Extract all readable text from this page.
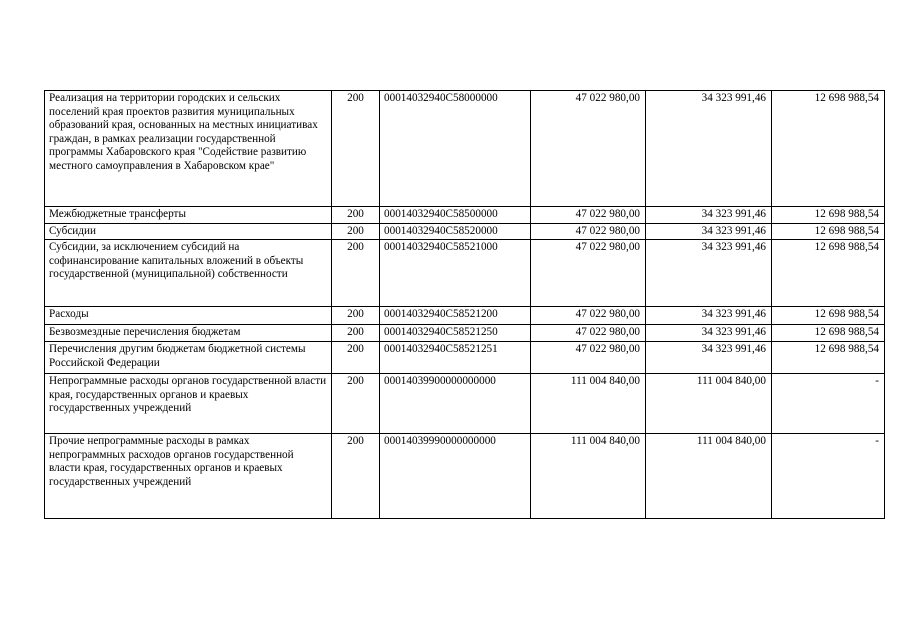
Реализация на территории городских и сельских поселений края проектов развития муниципальных образований края, основанных на местных инициативах граждан, в рамках реализации государственной программы Хабаровского края "Содействие развитию местного самоуправления в Хабаровском крае"	200	00014032940С58000000	47 022 980,00	34 323 991,46	12 698 988,54
Межбюджетные трансферты	200	00014032940С58500000	47 022 980,00	34 323 991,46	12 698 988,54
Субсидии	200	00014032940С58520000	47 022 980,00	34 323 991,46	12 698 988,54
Субсидии, за исключением субсидий на софинансирование капитальных вложений в объекты государственной (муниципальной) собственности	200	00014032940С58521000	47 022 980,00	34 323 991,46	12 698 988,54
Расходы	200	00014032940С58521200	47 022 980,00	34 323 991,46	12 698 988,54
Безвозмездные перечисления бюджетам	200	00014032940С58521250	47 022 980,00	34 323 991,46	12 698 988,54
Перечисления другим бюджетам бюджетной системы Российской Федерации	200	00014032940С58521251	47 022 980,00	34 323 991,46	12 698 988,54
Непрограммные расходы органов государственной власти края, государственных органов и краевых государственных учреждений	200	00014039900000000000	111 004 840,00	111 004 840,00	-
Прочие непрограммные расходы в рамках непрограммных расходов органов государственной власти края, государственных органов и краевых государственных учреждений	200	00014039990000000000	111 004 840,00	111 004 840,00	-
